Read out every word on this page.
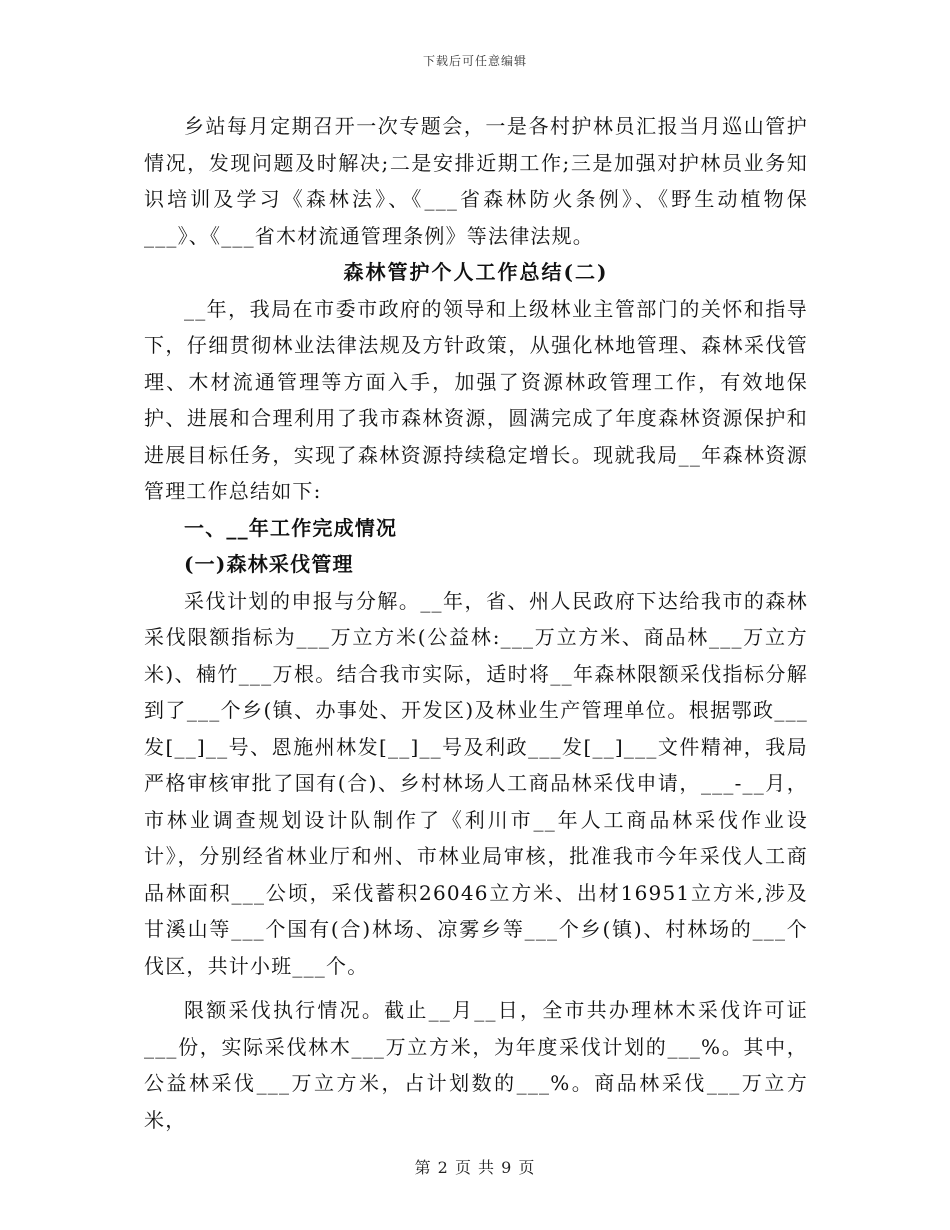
下载后可任意编辑

乡站每月定期召开一次专题会，一是各村护林员汇报当月巡山管护情况，发现问题及时解决;二是安排近期工作;三是加强对护林员业务知识培训及学习《森林法》、《___省森林防火条例》、《野生动植物保___》、《___省木材流通管理条例》等法律法规。

森林管护个人工作总结(二)

__年，我局在市委市政府的领导和上级林业主管部门的关怀和指导下，仔细贯彻林业法律法规及方针政策，从强化林地管理、森林采伐管理、木材流通管理等方面入手，加强了资源林政管理工作，有效地保护、进展和合理利用了我市森林资源，圆满完成了年度森林资源保护和进展目标任务，实现了森林资源持续稳定增长。现就我局__年森林资源管理工作总结如下:

一、__年工作完成情况

(一)森林采伐管理

采伐计划的申报与分解。__年，省、州人民政府下达给我市的森林采伐限额指标为___万立方米(公益林:___万立方米、商品林___万立方米)、楠竹___万根。结合我市实际，适时将__年森林限额采伐指标分解到了___个乡(镇、办事处、开发区)及林业生产管理单位。根据鄂政___发[__]__号、恩施州林发[__]__号及利政___发[__]___文件精神，我局严格审核审批了国有(合)、乡村林场人工商品林采伐申请，___-__月，市林业调查规划设计队制作了《利川市__年人工商品林采伐作业设计》，分别经省林业厅和州、市林业局审核，批准我市今年采伐人工商品林面积___公顷，采伐蓄积26046立方米、出材16951立方米,涉及甘溪山等___个国有(合)林场、凉雾乡等___个乡(镇)、村林场的___个伐区，共计小班___个。

限额采伐执行情况。截止__月__日，全市共办理林木采伐许可证___份，实际采伐林木___万立方米，为年度采伐计划的___%。其中，公益林采伐___万立方米，占计划数的___%。商品林采伐___万立方米，

第 2 页 共 9 页
